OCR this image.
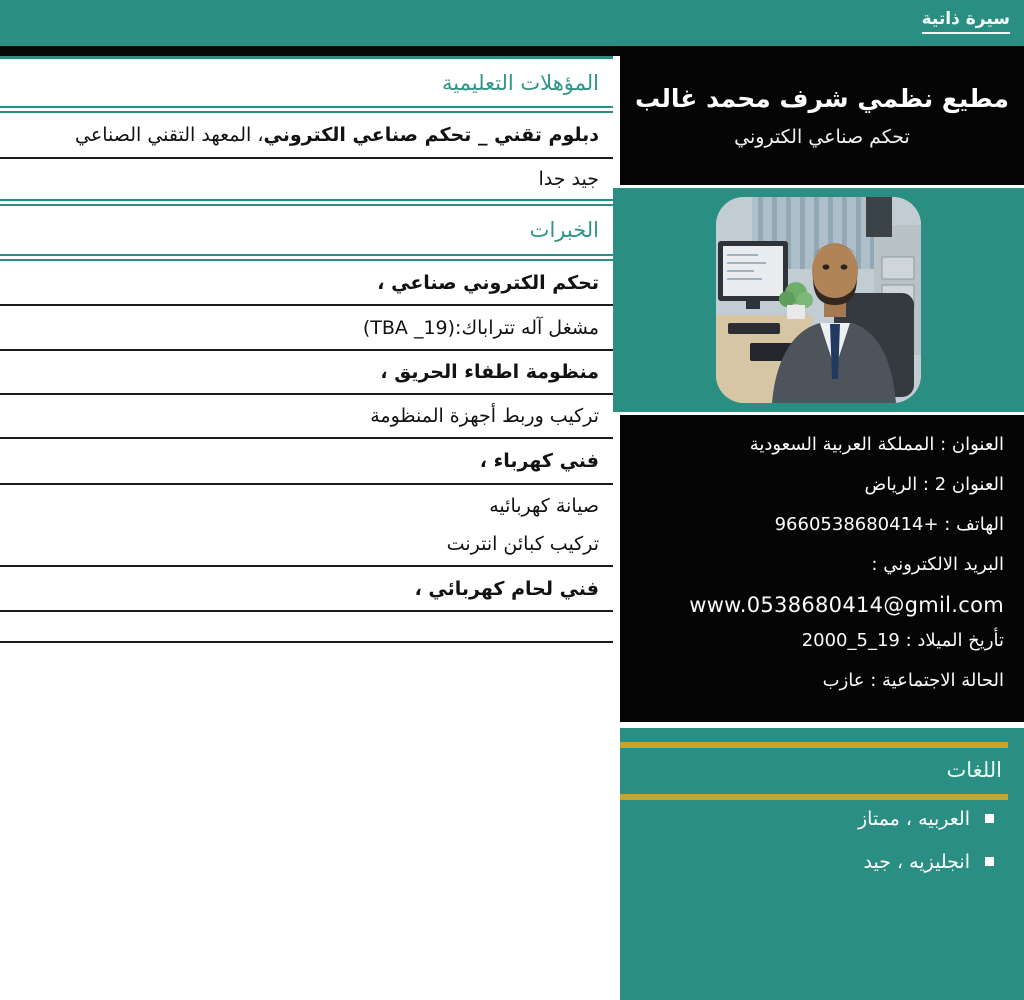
سيرة ذاتية
المؤهلات التعليمية
دبلوم تقني _ تحكم صناعي الكتروني
، المعهد التقني الصناعي
جيد جدا
الخبرات
تحكم الكتروني صناعي ،
مشغل آله تتراباك:(TBA _19)
منظومة اطفاء الحريق ،
تركيب وربط أجهزة المنظومة
فني كهرباء ،
صيانة كهربائيه
تركيب كبائن انترنت
فني لحام كهربائي ،
مطيع نظمي شرف محمد غالب
تحكم صناعي الكتروني
العنوان : المملكة العربية السعودية
العنوان 2 : الرياض
الهاتف : +9660538680414
البريد الالكتروني :
www.0538680414@gmil.com
تأريخ الميلاد : 19_5_2000
الحالة الاجتماعية : عازب
اللغات
العربيه ، ممتاز
انجليزيه ، جيد
